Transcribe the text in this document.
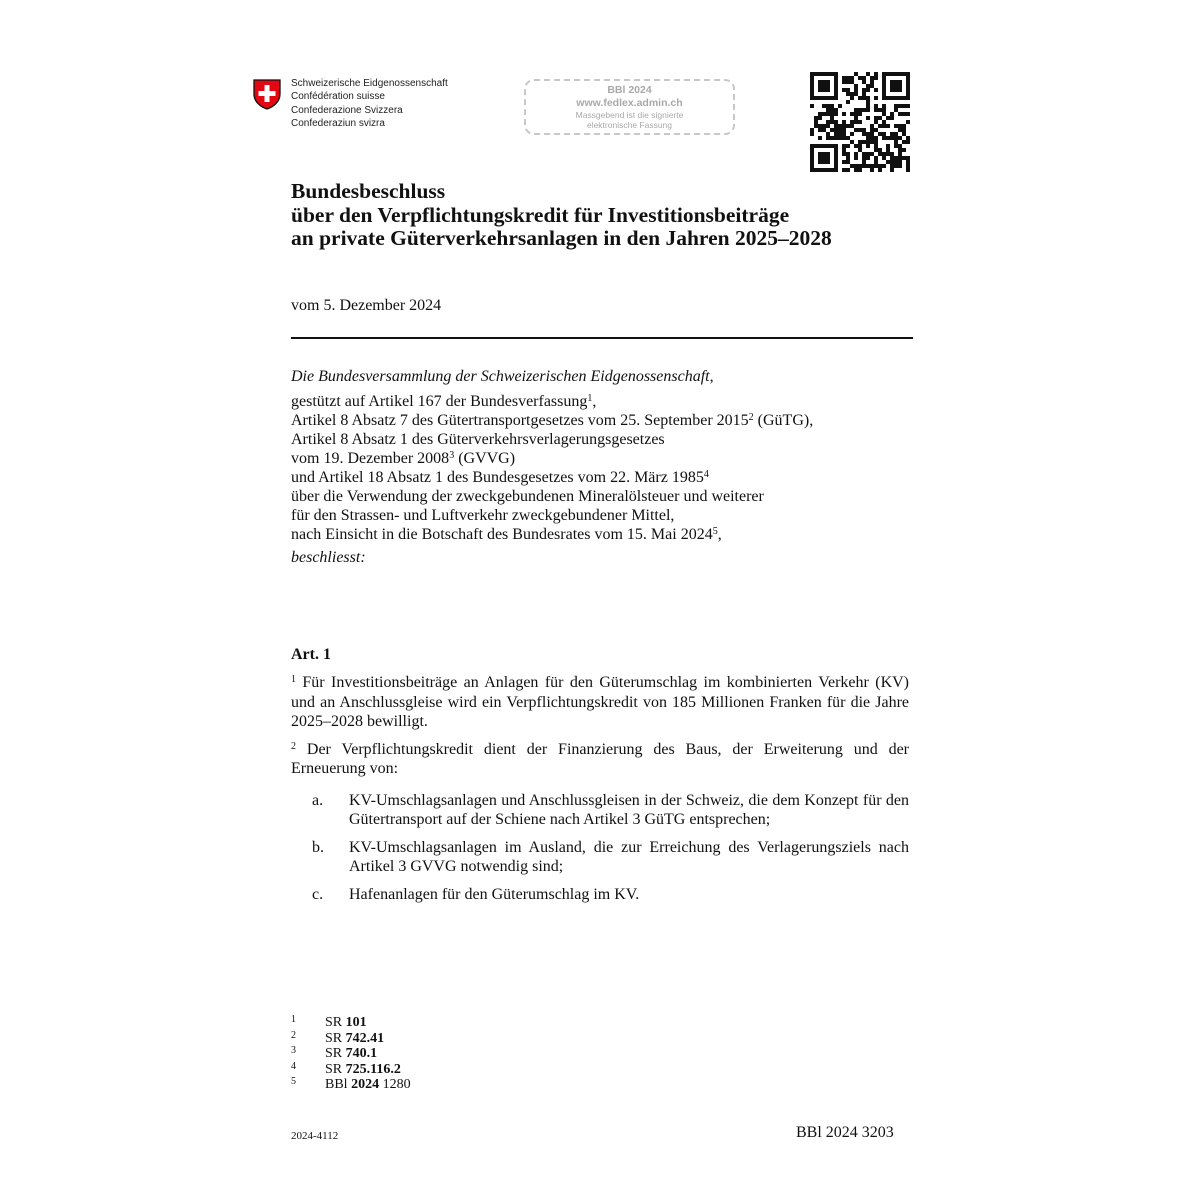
Schweizerische Eidgenossenschaft
Confédération suisse
Confederazione Svizzera
Confederaziun svizra
BBl 2024
www.fedlex.admin.ch
Massgebend ist die signierte
elektronische Fassung
Bundesbeschluss
über den Verpflichtungskredit für Investitionsbeiträge
an private Güterverkehrsanlagen in den Jahren 2025–2028
vom 5. Dezember 2024
Die Bundesversammlung der Schweizerischen Eidgenossenschaft,
gestützt auf Artikel 167 der Bundesverfassung$^1$,
Artikel 8 Absatz 7 des Gütertransportgesetzes vom 25. September 2015$^2$ (GüTG),
Artikel 8 Absatz 1 des Güterverkehrsverlagerungsgesetzes
vom 19. Dezember 2008$^3$ (GVVG)
und Artikel 18 Absatz 1 des Bundesgesetzes vom 22. März 1985$^4$
über die Verwendung der zweckgebundenen Mineralölsteuer und weiterer
für den Strassen- und Luftverkehr zweckgebundener Mittel,
nach Einsicht in die Botschaft des Bundesrates vom 15. Mai 2024$^5$,
beschliesst:
Art. 1

$^1$ Für Investitionsbeiträge an Anlagen für den Güterumschlag im kombinierten Verkehr (KV) und an Anschlussgleise wird ein Verpflichtungskredit von 185 Millionen Franken für die Jahre 2025–2028 bewilligt.

$^2$ Der Verpflichtungskredit dient der Finanzierung des Baus, der Erweiterung und der Erneuerung von:

a. KV-Umschlagsanlagen und Anschlussgleisen in der Schweiz, die dem Konzept für den Gütertransport auf der Schiene nach Artikel 3 GüTG entsprechen;
b. KV-Umschlagsanlagen im Ausland, die zur Erreichung des Verlagerungsziels nach Artikel 3 GVVG notwendig sind;
c. Hafenanlagen für den Güterumschlag im KV.
1 SR 101
2 SR 742.41
3 SR 740.1
4 SR 725.116.2
5 BBl 2024 1280
2024-4112	BBl 2024 3203
